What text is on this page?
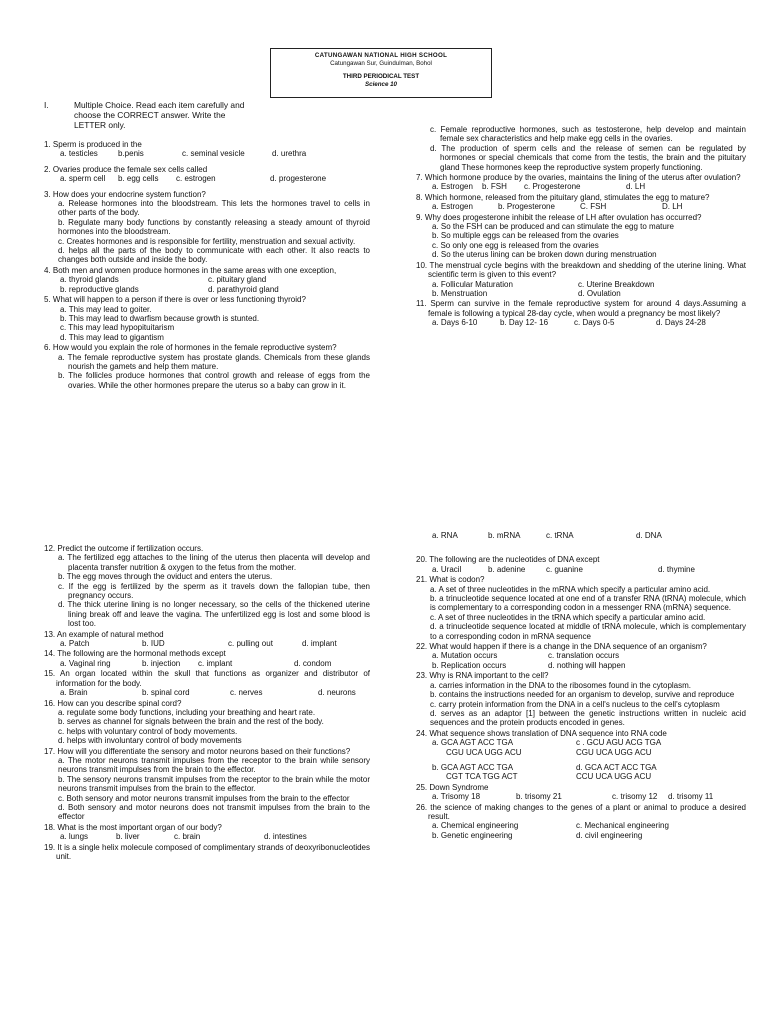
CATUNGAWAN NATIONAL HIGH SCHOOL
Catungawan Sur, Guindulman, Bohol
THIRD PERIODICAL TEST
Science 10
I.	Multiple Choice. Read each item carefully and choose the CORRECT answer. Write the LETTER only.
1. Sperm is produced in the
a. testicles	b.penis	c. seminal vesicle	d. urethra
2. Ovaries produce the female sex cells called
a. sperm cell	b. egg cells	c. estrogen	d. progesterone
3. How does your endocrine system function?
a. Release hormones into the bloodstream. This lets the hormones travel to cells in other parts of the body.
b. Regulate many body functions by constantly releasing a steady amount of thyroid hormones into the bloodstream.
c. Creates hormones and is responsible for fertility, menstruation and sexual activity.
d. helps all the parts of the body to communicate with each other. It also reacts to changes both outside and inside the body.
4. Both men and women produce hormones in the same areas with one exception,
a. thyroid glands	c. pituitary gland
b. reproductive glands	d. parathyroid gland
5. What will happen to a person if there is over or less functioning thyroid?
a. This may lead to goiter.
b. This may lead to dwarfism because growth is stunted.
c. This may lead hypopituitarism
d. This may lead to gigantism
6. How would you explain the role of hormones in the female reproductive system?
a. The female reproductive system has prostate glands. Chemicals from these glands nourish the gamets and help them mature.
b. The follicles produce hormones that control growth and release of eggs from the ovaries. While the other hormones prepare the uterus so a baby can grow in it.
c. Female reproductive hormones, such as testosterone, help develop and maintain female sex characteristics and help make egg cells in the ovaries.
d. The production of sperm cells and the release of semen can be regulated by hormones or special chemicals that come from the testis, the brain and the pituitary gland These hormones keep the reproductive system properly functioning.
7. Which hormone produce by the ovaries, maintains the lining of the uterus after ovulation?
a. Estrogen	b. FSH	c. Progesterone	d. LH
8. Which hormone, released from the pituitary gland, stimulates the egg to mature?
a. Estrogen	b. Progesterone	C. FSH	D. LH
9. Why does progesterone inhibit the release of LH after ovulation has occurred?
a. So the FSH can be produced and can stimulate the egg to mature
b. So multiple eggs can be released from the ovaries
c. So only one egg is released from the ovaries
d. So the uterus lining can be broken down during menstruation
10. The menstrual cycle begins with the breakdown and shedding of the uterine lining. What scientific term is given to this event?
a. Follicular Maturation	c. Uterine Breakdown
b. Menstruation	d. Ovulation
11. Sperm can survive in the female reproductive system for around 4 days.Assuming a female is following a typical 28-day cycle, when would a pregnancy be most likely?
a. Days 6-10	b. Day 12- 16	c. Days 0-5	d. Days 24-28
12. Predict the outcome if fertilization occurs.
a. The fertilized egg attaches to the lining of the uterus then placenta will develop and placenta transfer nutrition & oxygen to the fetus from the mother.
b. The egg moves through the oviduct and enters the uterus.
c. If the egg is fertilized by the sperm as it travels down the fallopian tube, then pregnancy occurs.
d. The thick uterine lining is no longer necessary, so the cells of the thickened uterine lining break off and leave the vagina. The unfertilized egg is lost and some blood is lost too.
13. An example of natural method
a. Patch	b. IUD	c. pulling out	d. implant
14. The following are the hormonal methods except
a. Vaginal ring	b. injection	c. implant	d. condom
15. An organ located within the skull that functions as organizer and distributor of information for the body.
a. Brain	b. spinal cord	c. nerves	d. neurons
16. How can you describe spinal cord?
a. regulate some body functions, including your breathing and heart rate.
b. serves as channel for signals between the brain and the rest of the body.
c. helps with voluntary control of body movements.
d. helps with involuntary control of body movements
17. How will you differentiate the sensory and motor neurons based on their functions?
a. The motor neurons transmit impulses from the receptor to the brain while sensory neurons transmit impulses from the brain to the effector.
b. The sensory neurons transmit impulses from the receptor to the brain while the motor neurons transmit impulses from the brain to the effector.
c. Both sensory and motor neurons transmit impulses from the brain to the effector
d. Both sensory and motor neurons does not transmit impulses from the brain to the effector
18. What is the most important organ of our body?
a. lungs	b. liver	c. brain	d. intestines
19. It is a single helix molecule composed of complimentary strands of deoxyribonucleotides unit.
a. RNA	b. mRNA	c. tRNA	d. DNA
20. The following are the nucleotides of DNA except
a. Uracil	b. adenine	c. guanine	d. thymine
21. What is codon?
a. A set of three nucleotides in the mRNA which specify a particular amino acid.
b. a trinucleotide sequence located at one end of a transfer RNA (tRNA) molecule, which is complementary to a corresponding codon in a messenger RNA (mRNA) sequence.
c. A set of three nucleotides in the tRNA which specify a particular amino acid.
d. a trinucleotide sequence located at middle of tRNA molecule, which is complementary to a corresponding codon in mRNA sequence
22. What would happen if there is a change in the DNA sequence of an organism?
a. Mutation occurs	c. translation occurs
b. Replication occurs	d. nothing will happen
23. Why is RNA important to the cell?
a. carries information in the DNA to the ribosomes found in the cytoplasm.
b. contains the instructions needed for an organism to develop, survive and reproduce
c. carry protein information from the DNA in a cell's nucleus to the cell's cytoplasm
d. serves as an adaptor [1] between the genetic instructions written in nucleic acid sequences and the protein products encoded in genes.
24. What sequence shows translation of DNA sequence into RNA code
a. GCA AGT ACC TGA	c . GCU AGU ACG TGA
CGU UCA UGG ACU	CGU UCA UGG ACU
b. GCA AGT ACC TGA	d. GCA ACT ACC TGA
CGT TCA TGG ACT	CCU UCA UGG ACU
25. Down Syndrome
a. Trisomy 18	b. trisomy 21	c. trisomy 12	d. trisomy 11
26. the science of making changes to the genes of a plant or animal to produce a desired result.
a. Chemical engineering	c. Mechanical engineering
b. Genetic engineering	d. civil engineering
